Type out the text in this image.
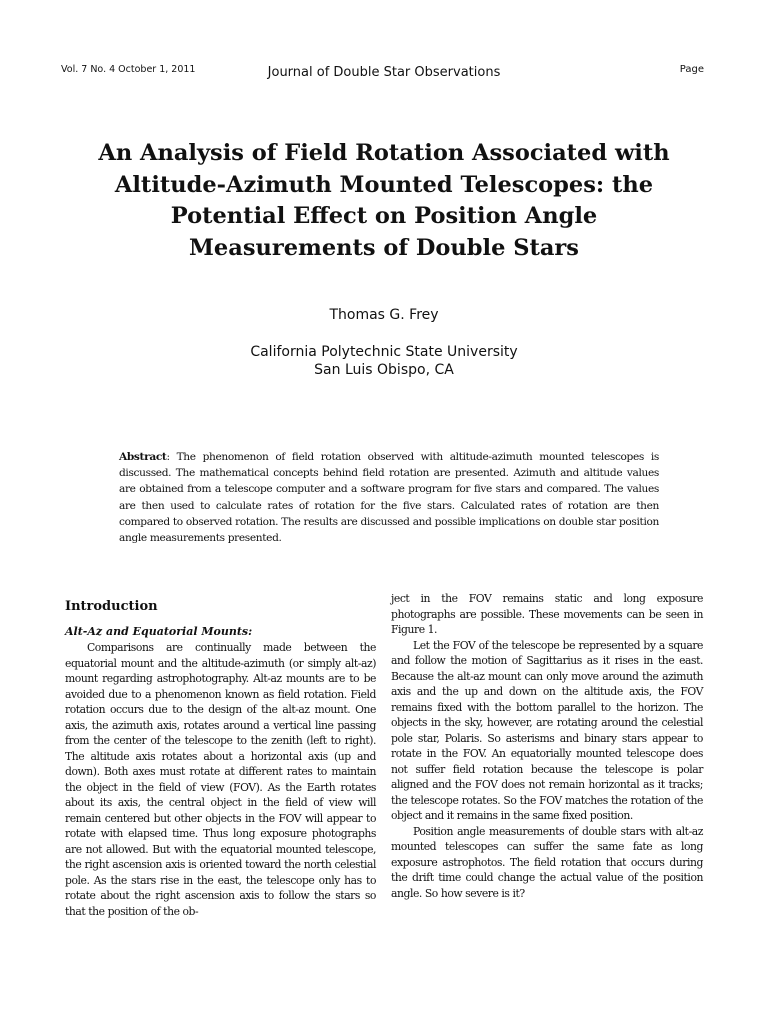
Vol. 7 No. 4 October 1, 2011	Journal of Double Star Observations	Page
An Analysis of Field Rotation Associated with
Altitude-Azimuth Mounted Telescopes: the
Potential Effect on Position Angle
Measurements of Double Stars
Thomas G. Frey
California Polytechnic State University
San Luis Obispo, CA
Abstract: The phenomenon of field rotation observed with altitude-azimuth mounted telescopes is discussed. The mathematical concepts behind field rotation are presented. Azimuth and altitude values are obtained from a telescope computer and a software program for five stars and compared. The values are then used to calculate rates of rotation for the five stars. Calculated rates of rotation are then compared to observed rotation. The results are discussed and possible implications on double star position angle measurements presented.
Introduction
Alt-Az and Equatorial Mounts:

Comparisons are continually made between the equatorial mount and the altitude-azimuth (or simply alt-az) mount regarding astrophotography. Alt-az mounts are to be avoided due to a phenomenon known as field rotation. Field rotation occurs due to the design of the alt-az mount. One axis, the azimuth axis, rotates around a vertical line passing from the center of the telescope to the zenith (left to right). The altitude axis rotates about a horizontal axis (up and down). Both axes must rotate at different rates to maintain the object in the field of view (FOV). As the Earth rotates about its axis, the central object in the field of view will remain centered but other objects in the FOV will appear to rotate with elapsed time. Thus long exposure photographs are not allowed. But with the equatorial mounted telescope, the right ascension axis is oriented toward the north celestial pole. As the stars rise in the east, the telescope only has to rotate about the right ascension axis to follow the stars so that the position of the ob-

ject in the FOV remains static and long exposure photographs are possible. These movements can be seen in Figure 1.

Let the FOV of the telescope be represented by a square and follow the motion of Sagittarius as it rises in the east. Because the alt-az mount can only move around the azimuth axis and the up and down on the altitude axis, the FOV remains fixed with the bottom parallel to the horizon. The objects in the sky, however, are rotating around the celestial pole star, Polaris. So asterisms and binary stars appear to rotate in the FOV. An equatorially mounted telescope does not suffer field rotation because the telescope is polar aligned and the FOV does not remain horizontal as it tracks; the telescope rotates. So the FOV matches the rotation of the object and it remains in the same fixed position.

Position angle measurements of double stars with alt-az mounted telescopes can suffer the same fate as long exposure astrophotos. The field rotation that occurs during the drift time could change the actual value of the position angle. So how severe is it?
